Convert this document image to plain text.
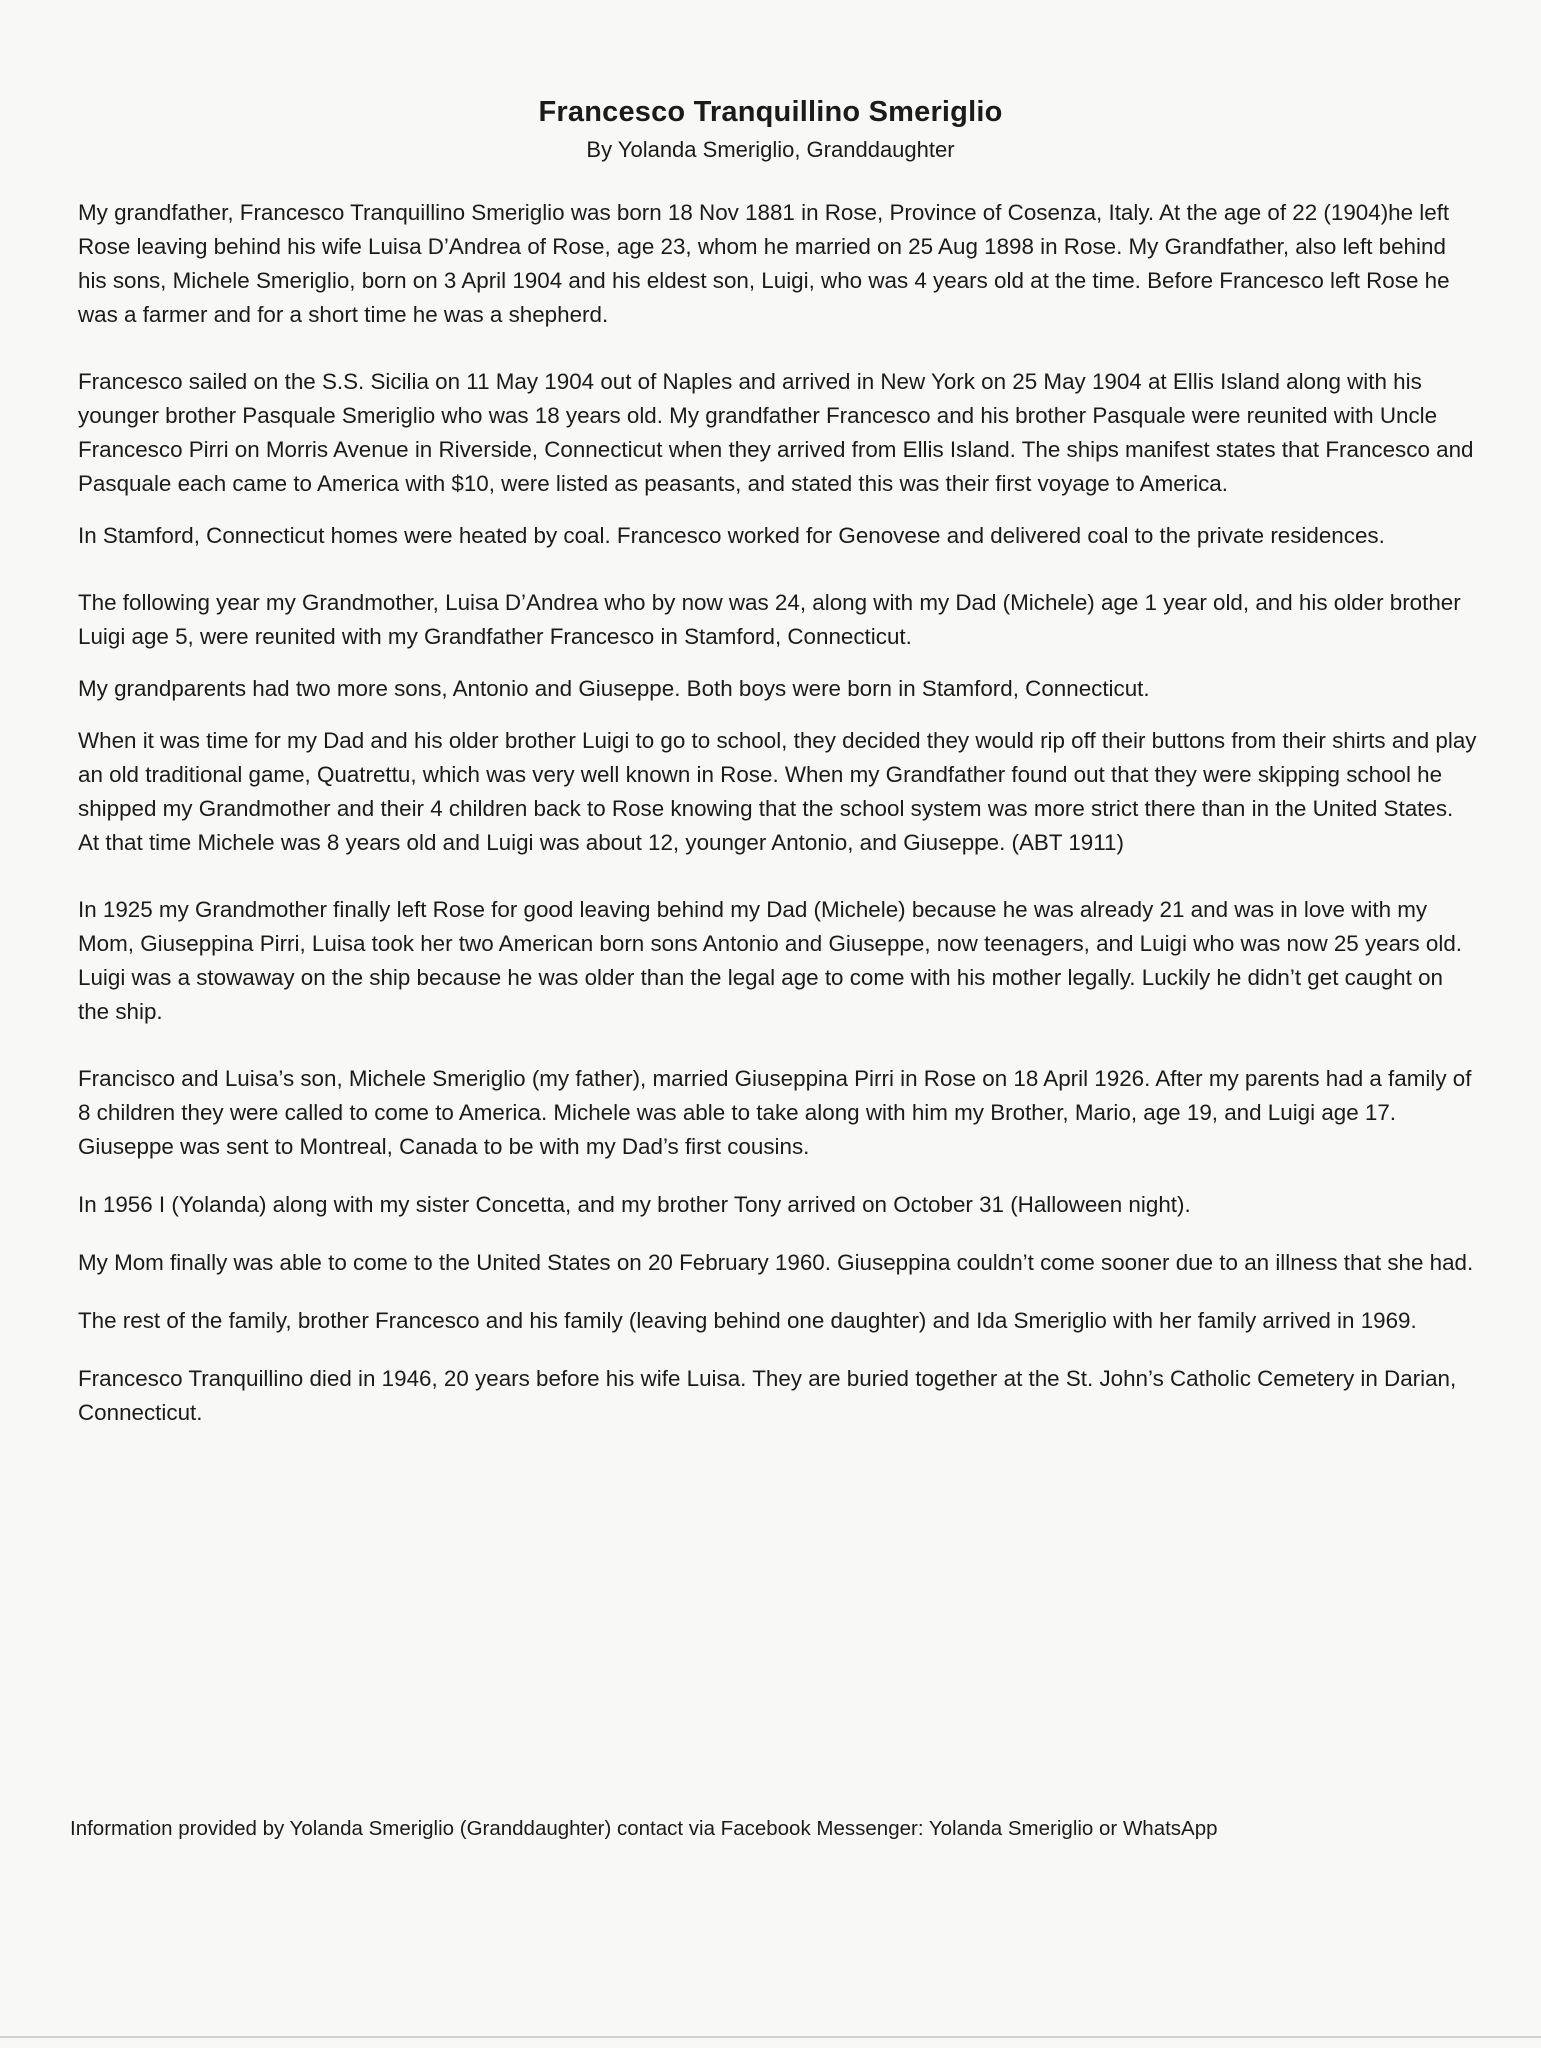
Francesco Tranquillino Smeriglio
By Yolanda Smeriglio, Granddaughter

My grandfather, Francesco Tranquillino Smeriglio was born 18 Nov 1881 in Rose, Province of Cosenza, Italy. At the age of 22 (1904)he left Rose leaving behind his wife Luisa D’Andrea of Rose, age 23, whom he married on 25 Aug 1898 in Rose. My Grandfather, also left behind his sons, Michele Smeriglio, born on 3 April 1904 and his eldest son, Luigi, who was 4 years old at the time. Before Francesco left Rose he was a farmer and for a short time he was a shepherd.

Francesco sailed on the S.S. Sicilia on 11 May 1904 out of Naples and arrived in New York on 25 May 1904 at Ellis Island along with his younger brother Pasquale Smeriglio who was 18 years old. My grandfather Francesco and his brother Pasquale were reunited with Uncle Francesco Pirri on Morris Avenue in Riverside, Connecticut when they arrived from Ellis Island. The ships manifest states that Francesco and Pasquale each came to America with $10, were listed as peasants, and stated this was their first voyage to America.

In Stamford, Connecticut homes were heated by coal. Francesco worked for Genovese and delivered coal to the private residences.

The following year my Grandmother, Luisa D’Andrea who by now was 24, along with my Dad (Michele) age 1 year old, and his older brother Luigi age 5, were reunited with my Grandfather Francesco in Stamford, Connecticut.

My grandparents had two more sons, Antonio and Giuseppe. Both boys were born in Stamford, Connecticut.

When it was time for my Dad and his older brother Luigi to go to school, they decided they would rip off their buttons from their shirts and play an old traditional game, Quatrettu, which was very well known in Rose. When my Grandfather found out that they were skipping school he shipped my Grandmother and their 4 children back to Rose knowing that the school system was more strict there than in the United States. At that time Michele was 8 years old and Luigi was about 12, younger Antonio, and Giuseppe. (ABT 1911)

In 1925 my Grandmother finally left Rose for good leaving behind my Dad (Michele) because he was already 21 and was in love with my Mom, Giuseppina Pirri, Luisa took her two American born sons Antonio and Giuseppe, now teenagers, and Luigi who was now 25 years old. Luigi was a stowaway on the ship because he was older than the legal age to come with his mother legally. Luckily he didn’t get caught on the ship.

Francisco and Luisa’s son, Michele Smeriglio (my father), married Giuseppina Pirri in Rose on 18 April 1926. After my parents had a family of 8 children they were called to come to America. Michele was able to take along with him my Brother, Mario, age 19, and Luigi age 17. Giuseppe was sent to Montreal, Canada to be with my Dad’s first cousins.

In 1956 I (Yolanda) along with my sister Concetta, and my brother Tony arrived on October 31 (Halloween night).

My Mom finally was able to come to the United States on 20 February 1960. Giuseppina couldn’t come sooner due to an illness that she had.

The rest of the family, brother Francesco and his family (leaving behind one daughter) and Ida Smeriglio with her family arrived in 1969.

Francesco Tranquillino died in 1946, 20 years before his wife Luisa. They are buried together at the St. John’s Catholic Cemetery in Darian, Connecticut.

Information provided by Yolanda Smeriglio (Granddaughter) contact via Facebook Messenger: Yolanda Smeriglio or WhatsApp
